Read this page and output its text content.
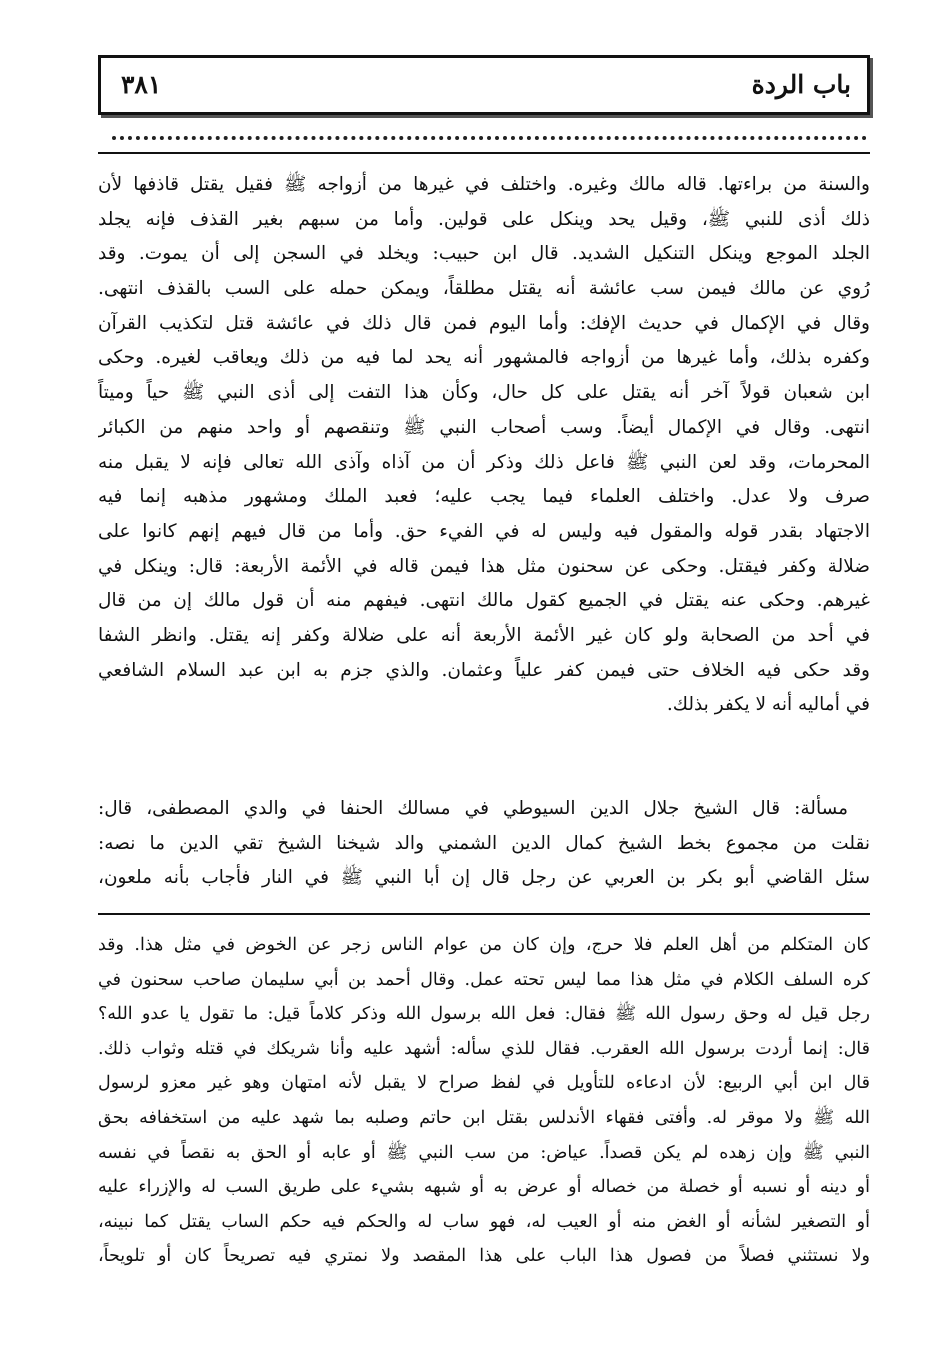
باب الردة
٣٨١
والسنة من براءتها. قاله مالك وغيره. واختلف في غيرها من أزواجه ﷺ فقيل يقتل قاذفها لأن
ذلك أذى للنبي ﷺ، وقيل يحد وينكل على قولين. وأما من سبهم بغير القذف فإنه يجلد
الجلد الموجع وينكل التنكيل الشديد. قال ابن حبيب: ويخلد في السجن إلى أن يموت. وقد
رُوي عن مالك فيمن سب عائشة أنه يقتل مطلقاً، ويمكن حمله على السب بالقذف انتهى.
وقال في الإكمال في حديث الإفك: وأما اليوم فمن قال ذلك في عائشة قتل لتكذيب القرآن
وكفره بذلك، وأما غيرها من أزواجه فالمشهور أنه يحد لما فيه من ذلك ويعاقب لغيره. وحكى
ابن شعبان قولاً آخر أنه يقتل على كل حال، وكأن هذا التفت إلى أذى النبي ﷺ حياً وميتاً
انتهى. وقال في الإكمال أيضاً. وسب أصحاب النبي ﷺ وتنقصهم أو واحد منهم من الكبائر
المحرمات، وقد لعن النبي ﷺ فاعل ذلك وذكر أن من آذاه وآذى الله تعالى فإنه لا يقبل منه
صرف ولا عدل. واختلف العلماء فيما يجب عليه؛ فعبد الملك ومشهور مذهبه إنما فيه
الاجتهاد بقدر قوله والمقول فيه وليس له في الفيء حق. وأما من قال فيهم إنهم كانوا على
ضلالة وكفر فيقتل. وحكى عن سحنون مثل هذا فيمن قاله في الأئمة الأربعة: قال: وينكل في
غيرهم. وحكى عنه يقتل في الجميع كقول مالك انتهى. فيفهم منه أن قول مالك إن من قال
في أحد من الصحابة ولو كان غير الأئمة الأربعة أنه على ضلالة وكفر إنه يقتل. وانظر الشفا
وقد حكى فيه الخلاف حتى فيمن كفر علياً وعثمان. والذي جزم به ابن عبد السلام الشافعي
في أماليه أنه لا يكفر بذلك.
مسألة: قال الشيخ جلال الدين السيوطي في مسالك الحنفا في والدي المصطفى، قال:
نقلت من مجموع بخط الشيخ كمال الدين الشمني والد شيخنا الشيخ تقي الدين ما نصه:
سئل القاضي أبو بكر بن العربي عن رجل قال إن أبا النبي ﷺ في النار فأجاب بأنه ملعون،
كان المتكلم من أهل العلم فلا حرج، وإن كان من عوام الناس زجر عن الخوض في مثل هذا. وقد
كره السلف الكلام في مثل هذا مما ليس تحته عمل. وقال أحمد بن أبي سليمان صاحب سحنون في
رجل قيل له وحق رسول الله ﷺ فقال: فعل الله برسول الله وذكر كلاماً قيل: ما تقول يا عدو الله؟
قال: إنما أردت برسول الله العقرب. فقال للذي سأله: أشهد عليه وأنا شريكك في قتله وثواب ذلك.
قال ابن أبي الربيع: لأن ادعاءه للتأويل في لفظ صراح لا يقبل لأنه امتهان وهو غير معزو لرسول
الله ﷺ ولا موقر له. وأفتى فقهاء الأندلس بقتل ابن حاتم وصلبه بما شهد عليه من استخفافه بحق
النبي ﷺ وإن زهده لم يكن قصداً. عياض: من سب النبي ﷺ أو عابه أو الحق به نقصاً في نفسه
أو دينه أو نسبه أو خصلة من خصاله أو عرض به أو شبهه بشيء على طريق السب له والإزراء عليه
أو التصغير لشأنه أو الغض منه أو العيب له، فهو ساب له والحكم فيه حكم الساب يقتل كما نبينه،
ولا نستثني فصلاً من فصول هذا الباب على هذا المقصد ولا نمتري فيه تصريحاً كان أو تلويحاً،
